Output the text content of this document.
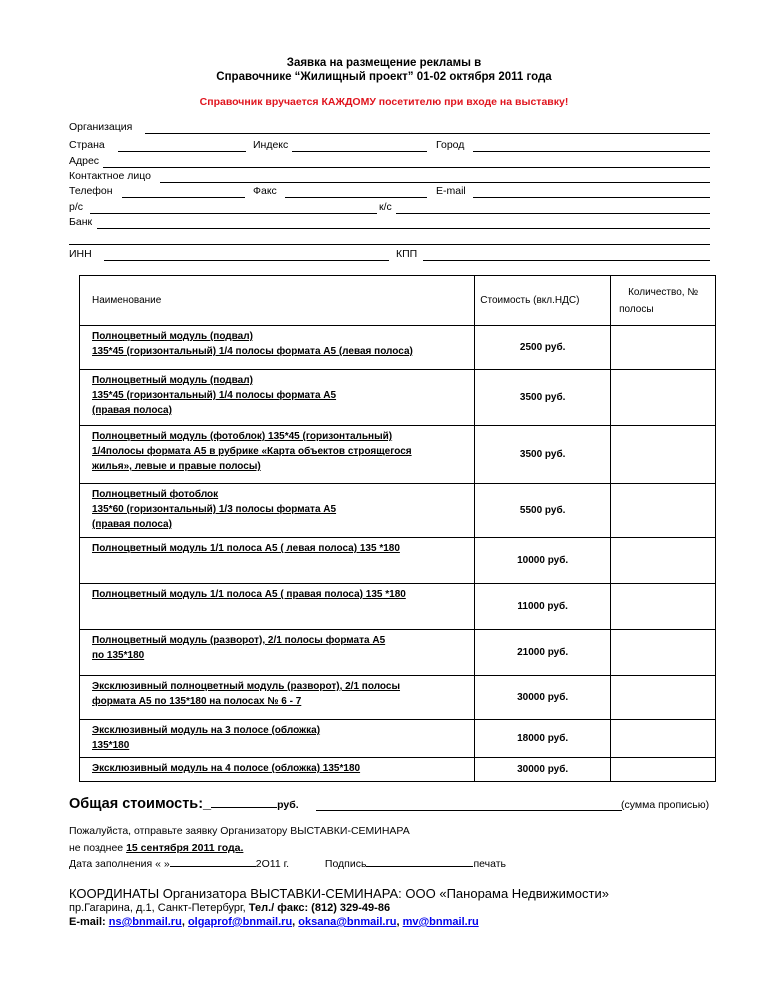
Заявка на размещение рекламы в
Справочнике “Жилищный проект” 01-02 октября 2011 года
Справочник вручается КАЖДОМУ посетителю при входе на выставку!
Организация
Страна	Индекс	Город
Адрес
Контактное лицо
Телефон	Факс	E-mail
р/с	к/с
Банк
ИНН	КПП
Наименование	Стоимость (вкл.НДС)	Количество, №
полосы
Полноцветный модуль (подвал)
135*45 (горизонтальный) 1/4 полосы формата А5 (левая полоса)	2500 руб.	
Полноцветный модуль (подвал)
135*45 (горизонтальный) 1/4 полосы формата А5
(правая полоса)	3500 руб.	
Полноцветный модуль (фотоблок) 135*45 (горизонтальный)
1/4полосы формата А5 в рубрике «Карта объектов строящегося
жилья», левые и правые полосы)	3500 руб.	
Полноцветный фотоблок
135*60 (горизонтальный) 1/3 полосы формата А5
(правая полоса)	5500 руб.	
Полноцветный модуль 1/1 полоса А5 ( левая полоса) 135 *180	10000 руб.	
Полноцветный модуль 1/1 полоса А5 ( правая полоса) 135 *180	11000 руб.	
Полноцветный модуль (разворот), 2/1 полосы формата А5
по 135*180	21000 руб.	
Эксклюзивный полноцветный модуль (разворот), 2/1 полосы
формата А5 по 135*180 на полосах № 6 - 7	30000 руб.	
Эксклюзивный модуль на 3 полосе (обложка)
135*180	18000 руб.	
Эксклюзивный модуль на 4 полосе (обложка) 135*180	30000 руб.	
Общая стоимость:_	руб.	(сумма прописью)
Пожалуйста, отправьте заявку Организатору ВЫСТАВКИ-СЕМИНАРА
не позднее 15 сентября 2011 года.
Дата заполнения « »	2О11 г.	Подпись	печать
КООРДИНАТЫ Организатора ВЫСТАВКИ-СЕМИНАРА: ООО «Панорама Недвижимости»
пр.Гагарина, д.1, Санкт-Петербург, Тел./ факс: (812) 329-49-86
E-mail: ns@bnmail.ru, olgaprof@bnmail.ru, oksana@bnmail.ru, mv@bnmail.ru
